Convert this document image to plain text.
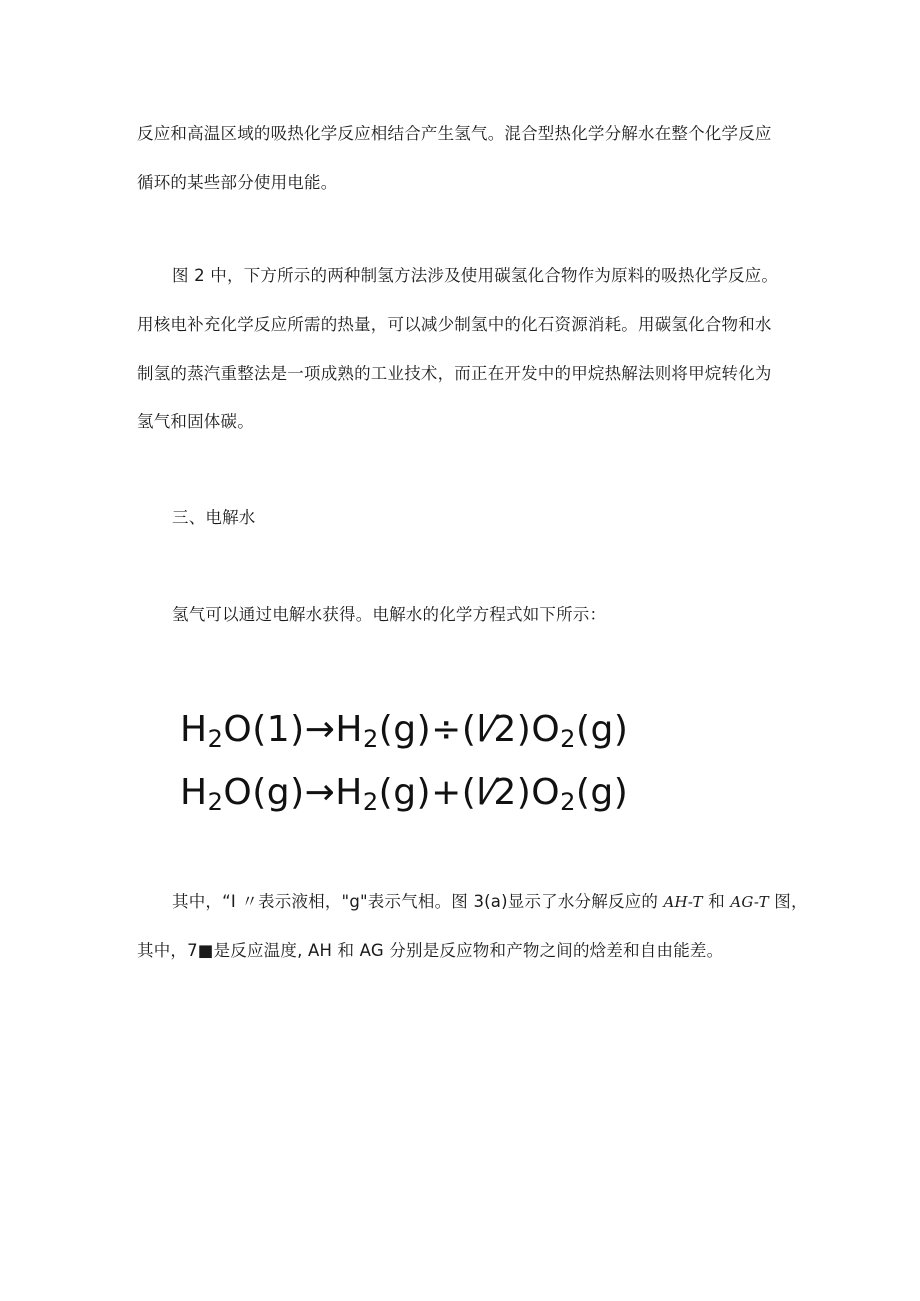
反应和高温区域的吸热化学反应相结合产生氢气。混合型热化学分解水在整个化学反应
循环的某些部分使用电能。
图 2 中，下方所示的两种制氢方法涉及使用碳氢化合物作为原料的吸热化学反应。
用核电补充化学反应所需的热量，可以减少制氢中的化石资源消耗。用碳氢化合物和水
制氢的蒸汽重整法是一项成熟的工业技术，而正在开发中的甲烷热解法则将甲烷转化为
氢气和固体碳。
三、电解水
氢气可以通过电解水获得。电解水的化学方程式如下所示：
$H_2O(1)\to H_2(g)\div(l⁄2)O_2(g)$
$H_2O(g)\to H_2(g)+(l⁄2)O_2(g)$
其中，“I 〃表示液相，"g"表示气相。图 3(a)显示了水分解反应的 AH-T 和 AG-T 图，
其中，7■是反应温度, AH 和 AG 分别是反应物和产物之间的焓差和自由能差。
